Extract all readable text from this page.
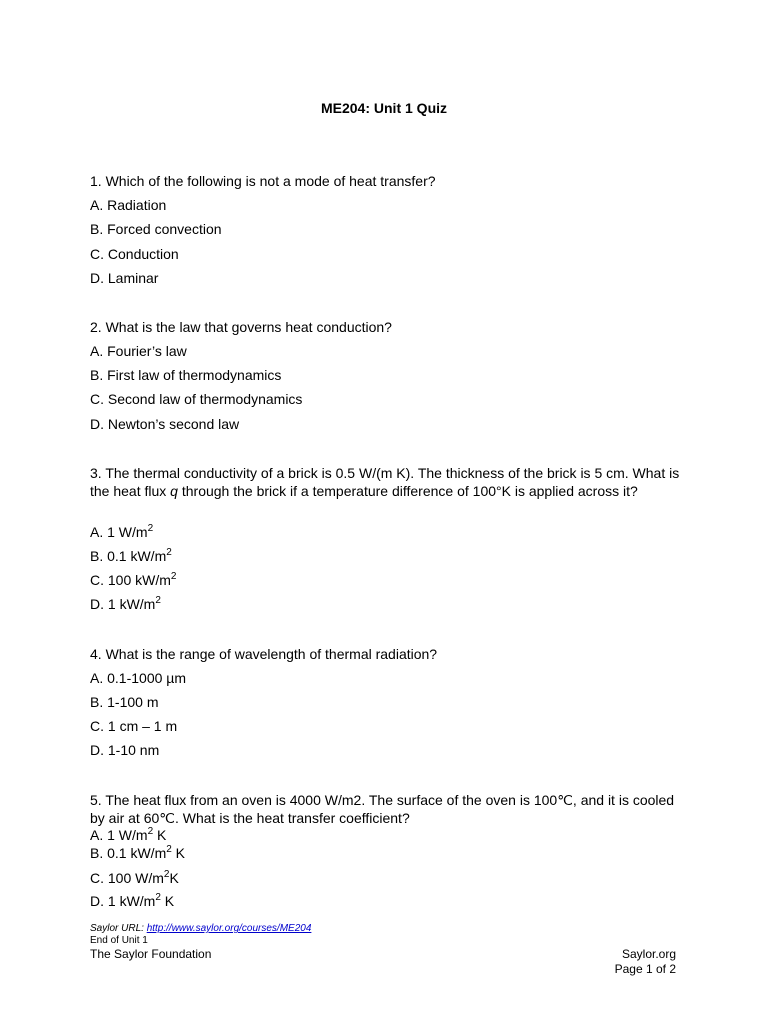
ME204: Unit 1 Quiz
1. Which of the following is not a mode of heat transfer?
A. Radiation
B. Forced convection
C. Conduction
D. Laminar
2. What is the law that governs heat conduction?
A. Fourier’s law
B. First law of thermodynamics
C. Second law of thermodynamics
D. Newton’s second law
3. The thermal conductivity of a brick is 0.5 W/(m K). The thickness of the brick is 5 cm. What is the heat flux q through the brick if a temperature difference of 100°K is applied across it?
A. 1 $W/m^2$
B. 0.1 $kW/m^2$
C. 100 $kW/m^2$
D. 1 $kW/m^2$
4. What is the range of wavelength of thermal radiation?
A. 0.1-1000 µm
B. 1-100 m
C. 1 cm – 1 m
D. 1-10 nm
5. The heat flux from an oven is 4000 W/m2. The surface of the oven is 100℃, and it is cooled by air at 60℃. What is the heat transfer coefficient?
A. 1 $W/m^2$ K
B. 0.1 $kW/m^2$ K
C. 100 $W/m^2K$
D. 1 $kW/m^2$ K
Saylor URL: http://www.saylor.org/courses/ME204
End of Unit 1
The Saylor Foundation	Saylor.org
Page 1 of 2
